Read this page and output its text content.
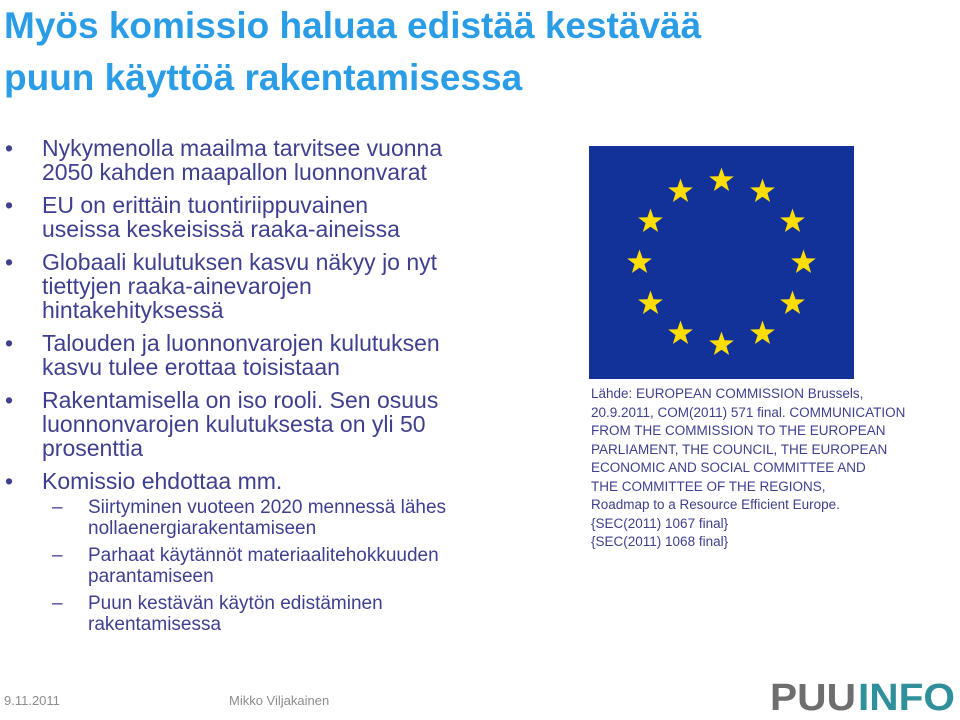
Myös komissio haluaa edistää kestävää
puun käyttöä rakentamisessa
• Nykymenolla maailma tarvitsee vuonna
2050 kahden maapallon luonnonvarat
• EU on erittäin tuontiriippuvainen
useissa keskeisissä raaka-aineissa
• Globaali kulutuksen kasvu näkyy jo nyt
tiettyjen raaka-ainevarojen
hintakehityksessä
• Talouden ja luonnonvarojen kulutuksen
kasvu tulee erottaa toisistaan
• Rakentamisella on iso rooli. Sen osuus
luonnonvarojen kulutuksesta on yli 50
prosenttia
• Komissio ehdottaa mm.
– Siirtyminen vuoteen 2020 mennessä lähes
nollaenergiarakentamiseen
– Parhaat käytännöt materiaalitehokkuuden
parantamiseen
– Puun kestävän käytön edistäminen
rakentamisessa
Lähde: EUROPEAN COMMISSION Brussels,
20.9.2011, COM(2011) 571 final. COMMUNICATION
FROM THE COMMISSION TO THE EUROPEAN
PARLIAMENT, THE COUNCIL, THE EUROPEAN
ECONOMIC AND SOCIAL COMMITTEE AND
THE COMMITTEE OF THE REGIONS,
Roadmap to a Resource Efficient Europe.
{SEC(2011) 1067 final}
{SEC(2011) 1068 final}
9.11.2011	Mikko Viljakainen	PUU INFO
